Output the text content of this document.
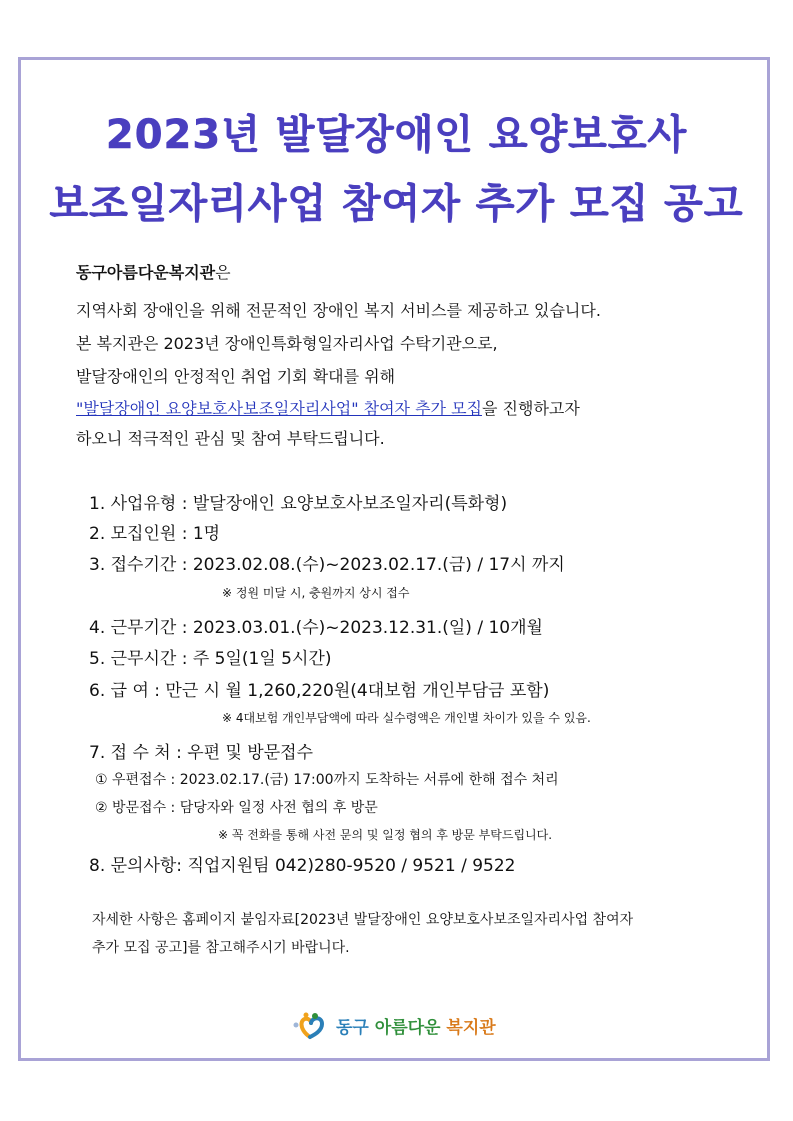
2023년 발달장애인 요양보호사
보조일자리사업 참여자 추가 모집 공고
동구아름다운복지관은
지역사회 장애인을 위해 전문적인 장애인 복지 서비스를 제공하고 있습니다.
본 복지관은 2023년 장애인특화형일자리사업 수탁기관으로,
발달장애인의 안정적인 취업 기회 확대를 위해
"발달장애인 요양보호사보조일자리사업" 참여자 추가 모집을 진행하고자
하오니 적극적인 관심 및 참여 부탁드립니다.
1. 사업유형 : 발달장애인 요양보호사보조일자리(특화형)
2. 모집인원 : 1명
3. 접수기간 : 2023.02.08.(수)~2023.02.17.(금) / 17시 까지
※ 정원 미달 시, 충원까지 상시 접수
4. 근무기간 : 2023.03.01.(수)~2023.12.31.(일) / 10개월
5. 근무시간 : 주 5일(1일 5시간)
6. 급 여 : 만근 시 월 1,260,220원(4대보험 개인부담금 포함)
※ 4대보험 개인부담액에 따라 실수령액은 개인별 차이가 있을 수 있음.
7. 접 수 처 : 우편 및 방문접수
① 우편접수 : 2023.02.17.(금) 17:00까지 도착하는 서류에 한해 접수 처리
② 방문접수 : 담당자와 일정 사전 협의 후 방문
※ 꼭 전화를 통해 사전 문의 및 일정 협의 후 방문 부탁드립니다.
8. 문의사항: 직업지원팀 042)280-9520 / 9521 / 9522
자세한 사항은 홈페이지 붙임자료[2023년 발달장애인 요양보호사보조일자리사업 참여자
추가 모집 공고]를 참고해주시기 바랍니다.
동구 아름다운 복지관
